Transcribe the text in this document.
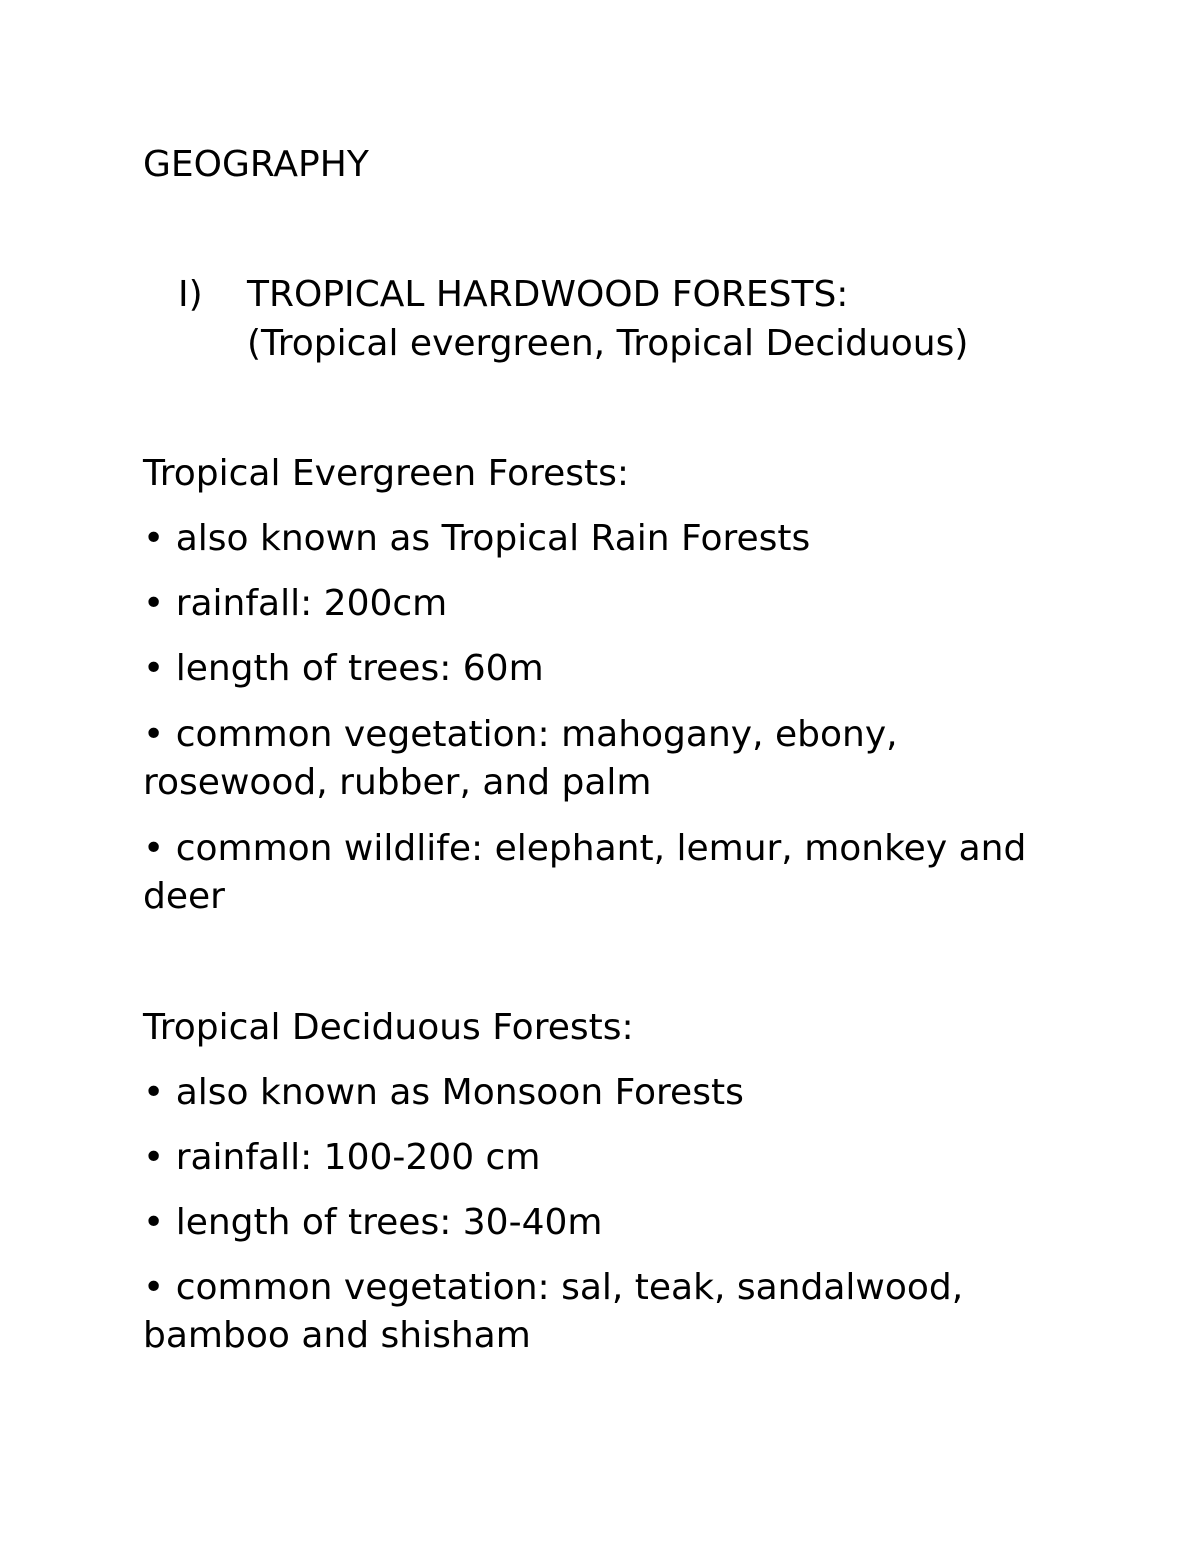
GEOGRAPHY
I) TROPICAL HARDWOOD FORESTS:
(Tropical evergreen, Tropical Deciduous)
Tropical Evergreen Forests:
• also known as Tropical Rain Forests
• rainfall: 200cm
• length of trees: 60m
• common vegetation: mahogany, ebony, rosewood, rubber, and palm
• common wildlife: elephant, lemur, monkey and deer
Tropical Deciduous Forests:
• also known as Monsoon Forests
• rainfall: 100-200 cm
• length of trees: 30-40m
• common vegetation: sal, teak, sandalwood, bamboo and shisham
